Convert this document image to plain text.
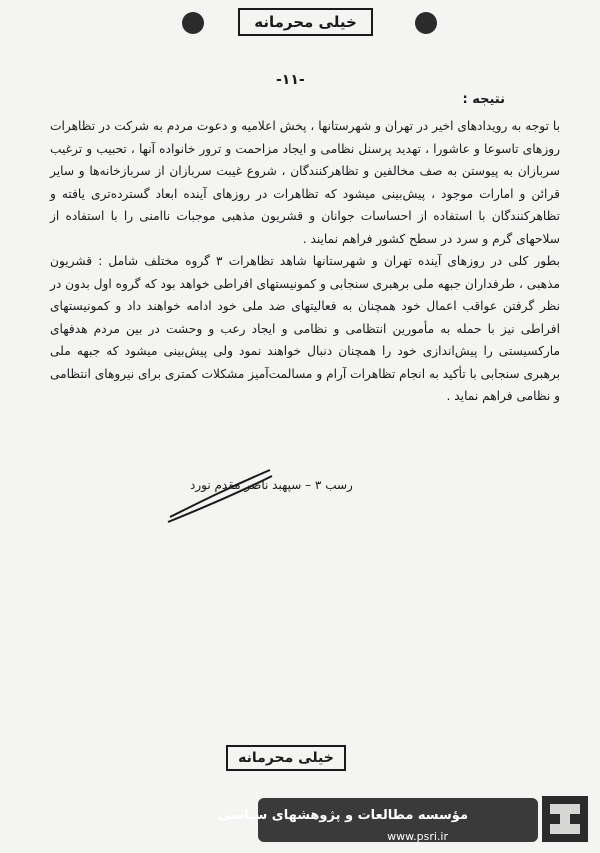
خیلی محرمانه
-۱۱-
نتیجه :

با توجه به رویدادهای اخیر در تهران و شهرستانها ، پخش اعلامیه و دعوت مردم به شرکت در تظاهرات روزهای تاسوعا و عاشورا ، تهدید پرسنل نظامی و ایجاد مزاحمت و ترور خانواده آنها ، تحبیب و ترغیب سربازان به پیوستن به صف مخالفین و تظاهرکنندگان ، شروع غیبت سربازان از سربازخانه‌ها و سایر قرائن و امارات موجود ، پیش‌بینی میشود که تظاهرات در روزهای آینده ابعاد گسترده‌تری یافته و تظاهرکنندگان با استفاده از احساسات جوانان و قشریون مذهبی موجبات ناامنی را با استفاده از سلاحهای گرم و سرد در سطح کشور فراهم نمایند .

بطور کلی در روزهای آینده تهران و شهرستانها شاهد تظاهرات ۳ گروه مختلف شامل : قشریون مذهبی ، طرفداران جبهه ملی برهبری سنجابی و کمونیستهای افراطی خواهد بود که گروه اول بدون در نظر گرفتن عواقب اعمال خود همچنان به فعالیتهای ضد ملی خود ادامه خواهند داد و کمونیستهای افراطی نیز با حمله به مأمورین انتظامی و نظامی و ایجاد رعب و وحشت در بین مردم هدفهای مارکسیستی را پیش‌اندازی خود را همچنان دنبال خواهند نمود ولی پیش‌بینی میشود که جبهه ملی برهبری سنجابی با تأکید به انجام تظاهرات آرام و مسالمت‌آمیز مشکلات کمتری برای نیروهای انتظامی و نظامی فراهم نماید .

رسب ۳ – سپهبد ناصر مقدم نورد
خیلی محرمانه
مؤسسه مطالعات و پژوهشهای سیاسی
www.psri.ir
